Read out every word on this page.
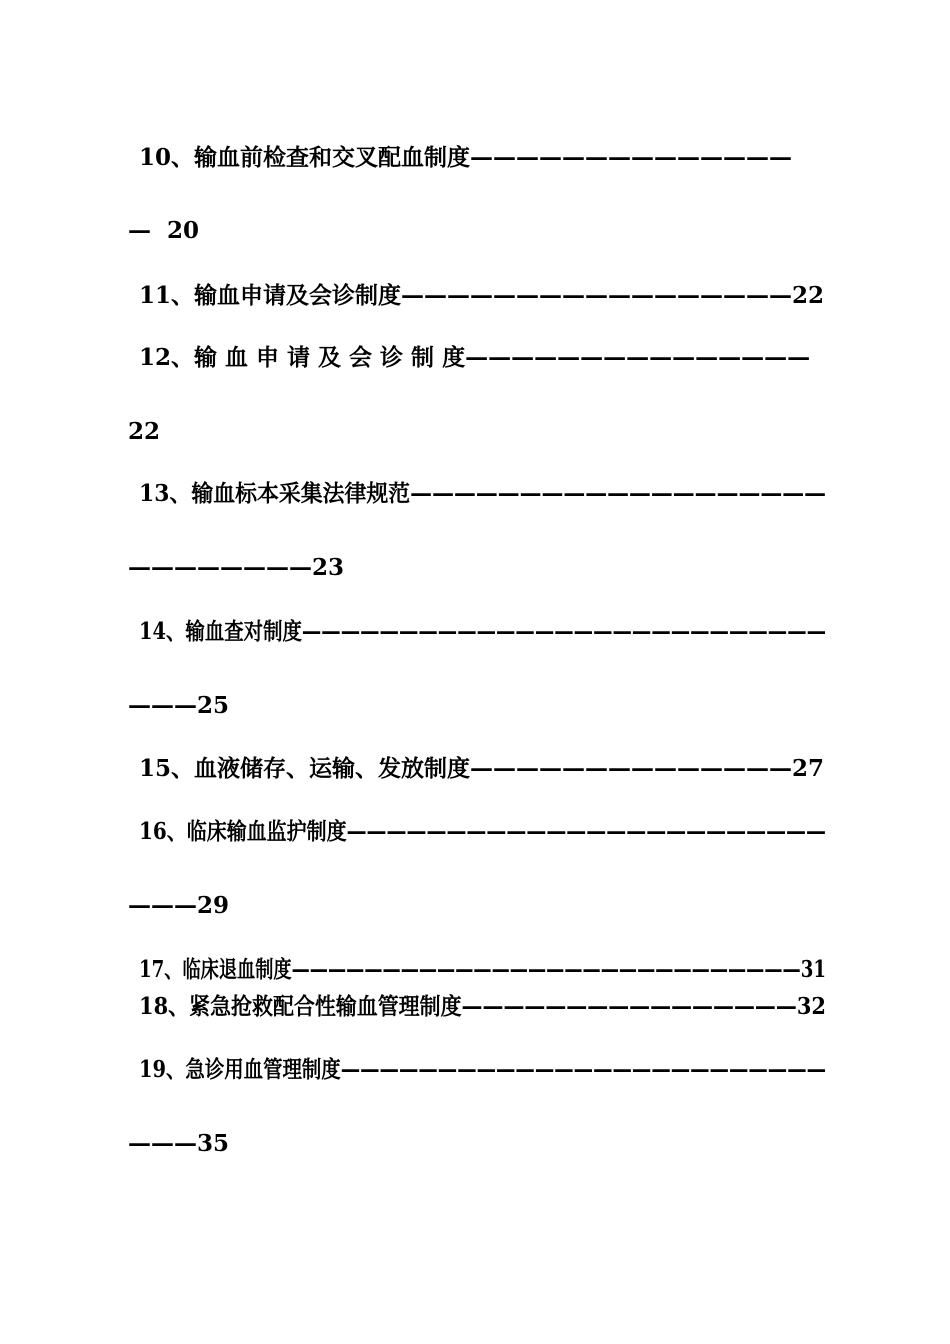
10、输血前检查和交叉配血制度——————————————
—  20
11、输血申请及会诊制度—————————————————22
12、输 血 申 请 及 会 诊 制 度———————————————
22
13、输血标本采集法律规范———————————————————
————————23
14、输血查对制度———————————————————————————
———25
15、血液储存、运输、发放制度——————————————27
16、临床输血监护制度————————————————————————
———29
17、临床退血制度————————————————————————————31
18、紧急抢救配合性输血管理制度————————————————32
19、急诊用血管理制度—————————————————————————
———35
